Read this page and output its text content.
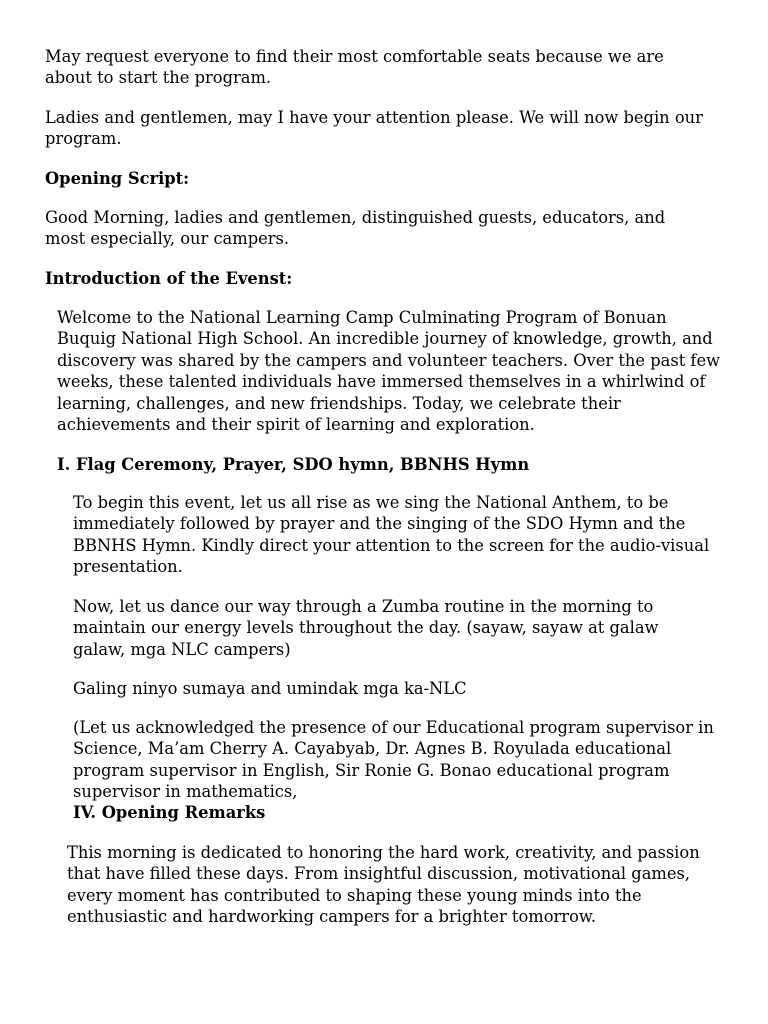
May request everyone to find their most comfortable seats because we are about to start the program.

Ladies and gentlemen, may I have your attention please. We will now begin our program.

Opening Script:

Good Morning, ladies and gentlemen, distinguished guests, educators, and most especially, our campers.

Introduction of the Evenst:

Welcome to the National Learning Camp Culminating Program of Bonuan Buquig National High School. An incredible journey of knowledge, growth, and discovery was shared by the campers and volunteer teachers. Over the past few weeks, these talented individuals have immersed themselves in a whirlwind of learning, challenges, and new friendships. Today, we celebrate their achievements and their spirit of learning and exploration.

I. Flag Ceremony, Prayer, SDO hymn, BBNHS Hymn

To begin this event, let us all rise as we sing the National Anthem, to be immediately followed by prayer and the singing of the SDO Hymn and the BBNHS Hymn. Kindly direct your attention to the screen for the audio-visual presentation.

Now, let us dance our way through a Zumba routine in the morning to maintain our energy levels throughout the day. (sayaw, sayaw at galaw galaw, mga NLC campers)

Galing ninyo sumaya and umindak mga ka-NLC

(Let us acknowledged the presence of our Educational program supervisor in Science, Ma’am Cherry A. Cayabyab, Dr. Agnes B. Royulada educational program supervisor in English, Sir Ronie G. Bonao educational program supervisor in mathematics,

IV. Opening Remarks

This morning is dedicated to honoring the hard work, creativity, and passion that have filled these days. From insightful discussion, motivational games, every moment has contributed to shaping these young minds into the enthusiastic and hardworking campers for a brighter tomorrow.
